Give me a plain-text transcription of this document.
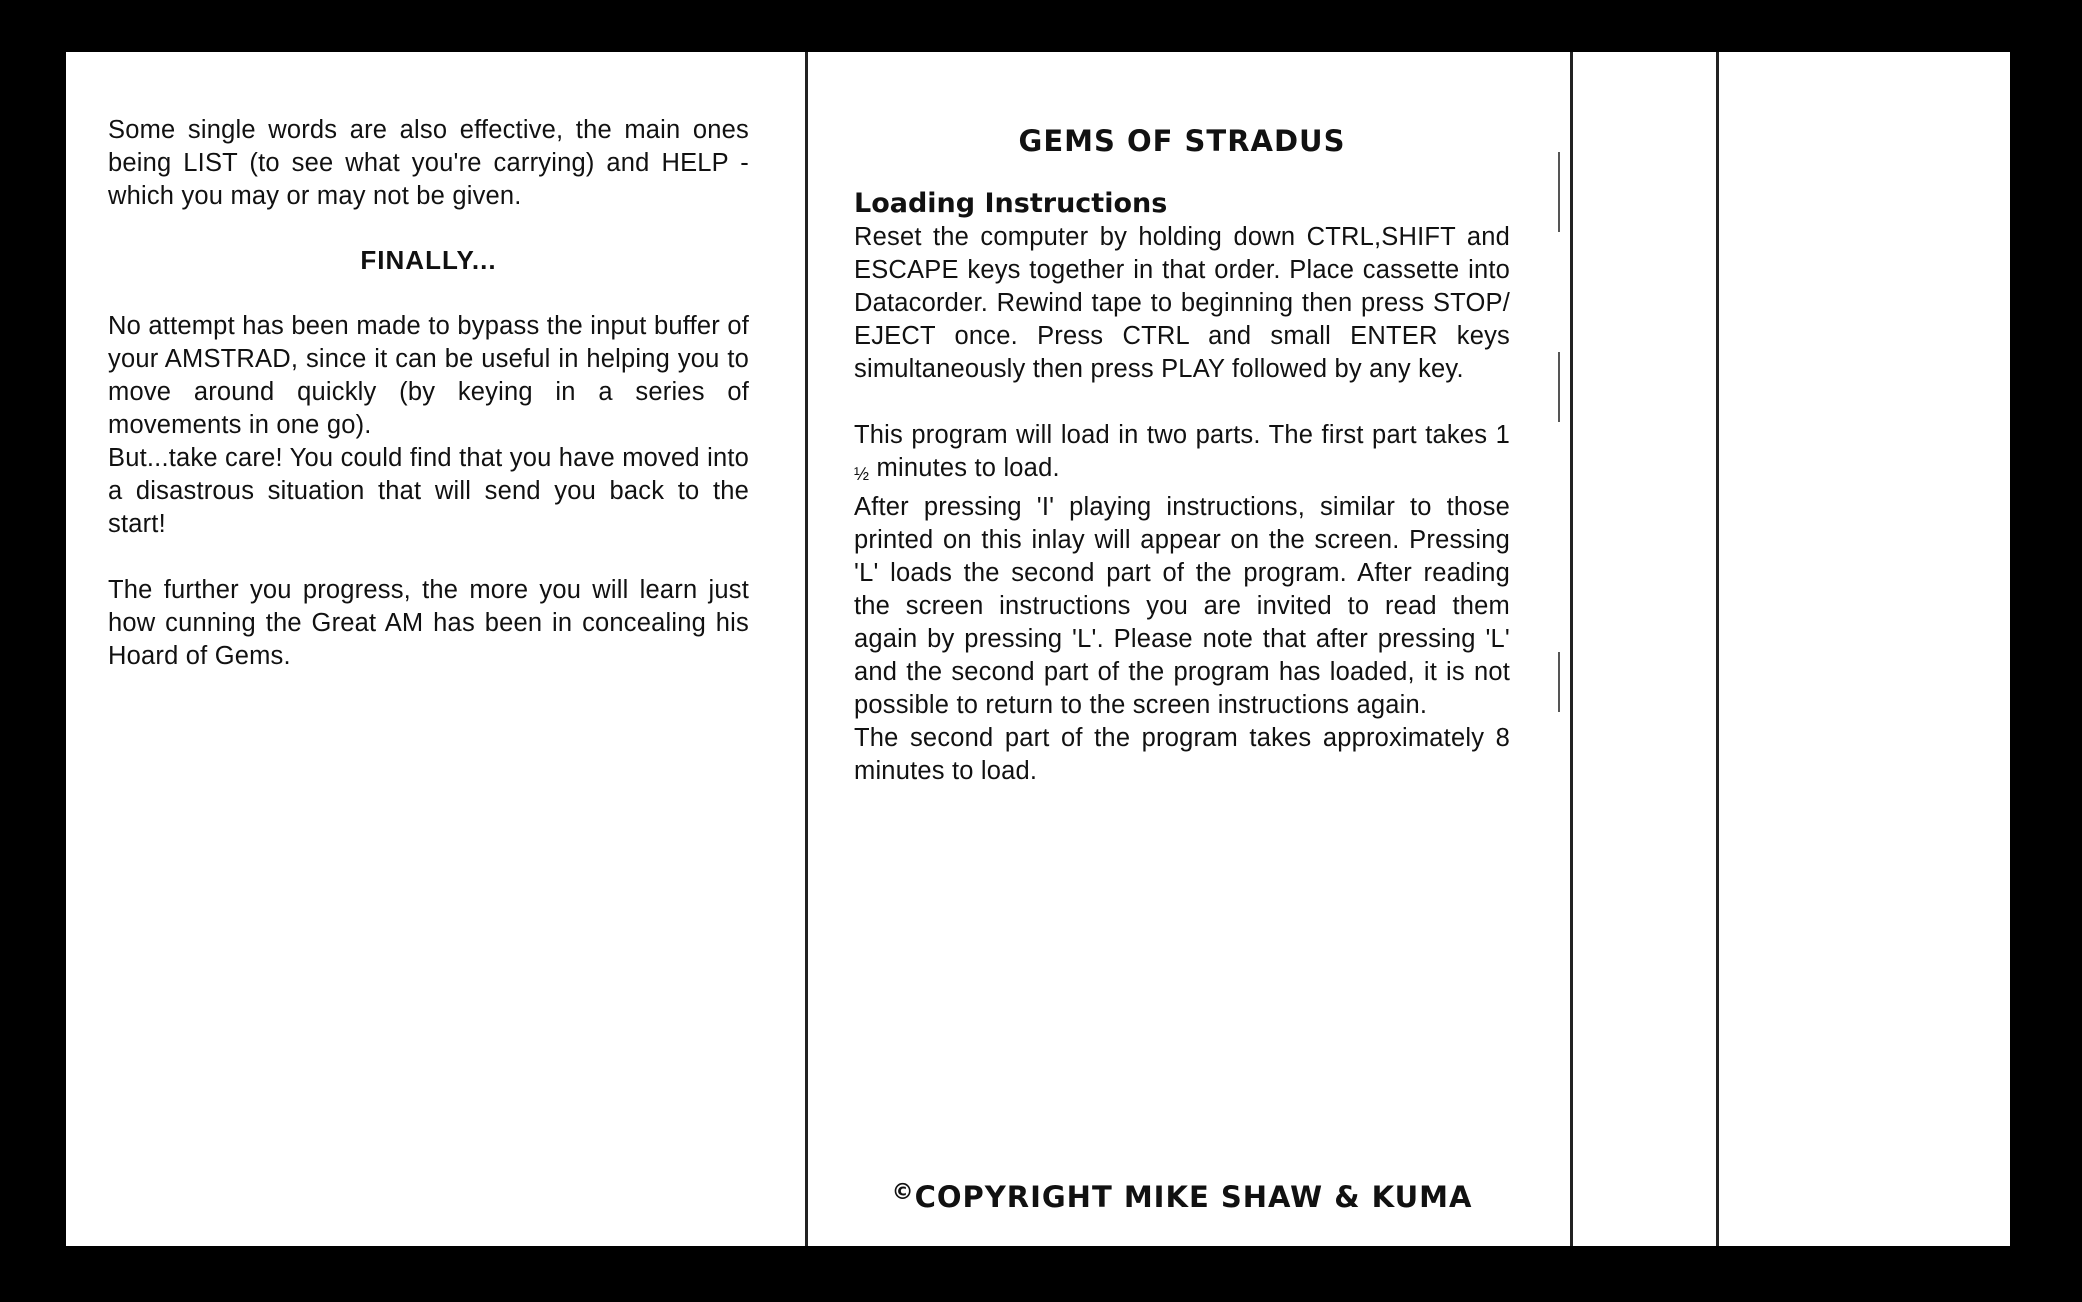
Some single words are also effective, the main ones being LIST (to see what you're carrying) and HELP - which you may or may not be given.

FINALLY...

No attempt has been made to bypass the input buffer of your AMSTRAD, since it can be useful in helping you to move around quickly (by keying in a series of movements in one go).

But...take care! You could find that you have moved into a disastrous situation that will send you back to the start!

The further you progress, the more you will learn just how cunning the Great AM has been in concealing his Hoard of Gems.

GEMS OF STRADUS
Loading Instructions

Reset the computer by holding down CTRL,SHIFT and ESCAPE keys together in that order. Place cassette into Datacorder. Rewind tape to beginning then press STOP/ EJECT once. Press CTRL and small ENTER keys simultaneously then press PLAY followed by any key.

This program will load in two parts. The first part takes 1 ½ minutes to load.

After pressing 'I' playing instructions, similar to those printed on this inlay will appear on the screen. Pressing 'L' loads the second part of the program. After reading the screen instructions you are invited to read them again by pressing 'L'. Please note that after pressing 'L' and the second part of the program has loaded, it is not possible to return to the screen instructions again.

The second part of the program takes approximately 8 minutes to load.

©COPYRIGHT MIKE SHAW & KUMA
